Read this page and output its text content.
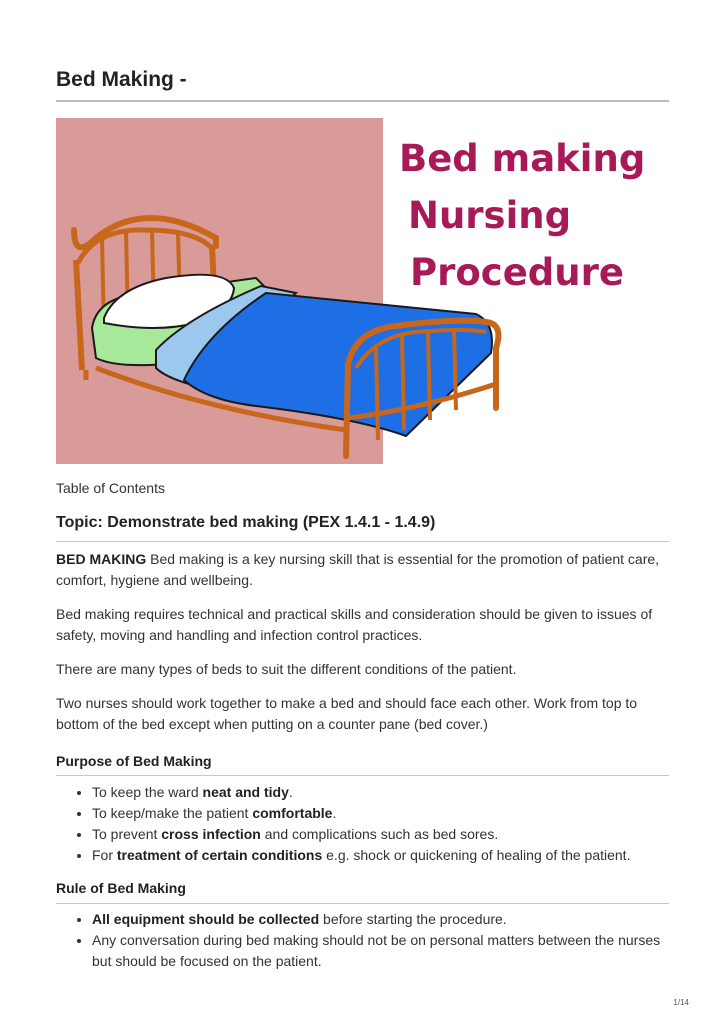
Bed Making -
Bed making
Nursing
Procedure
Table of Contents
Topic: Demonstrate bed making (PEX 1.4.1 - 1.4.9)

BED MAKING Bed making is a key nursing skill that is essential for the promotion of patient care, comfort, hygiene and wellbeing.

Bed making requires technical and practical skills and consideration should be given to issues of safety, moving and handling and infection control practices.

There are many types of beds to suit the different conditions of the patient.

Two nurses should work together to make a bed and should face each other. Work from top to bottom of the bed except when putting on a counter pane (bed cover.)

Purpose of Bed Making
• To keep the ward neat and tidy.
• To keep/make the patient comfortable.
• To prevent cross infection and complications such as bed sores.
• For treatment of certain conditions e.g. shock or quickening of healing of the patient.
Rule of Bed Making
• All equipment should be collected before starting the procedure.
• Any conversation during bed making should not be on personal matters between the nurses but should be focused on the patient.
1/14
